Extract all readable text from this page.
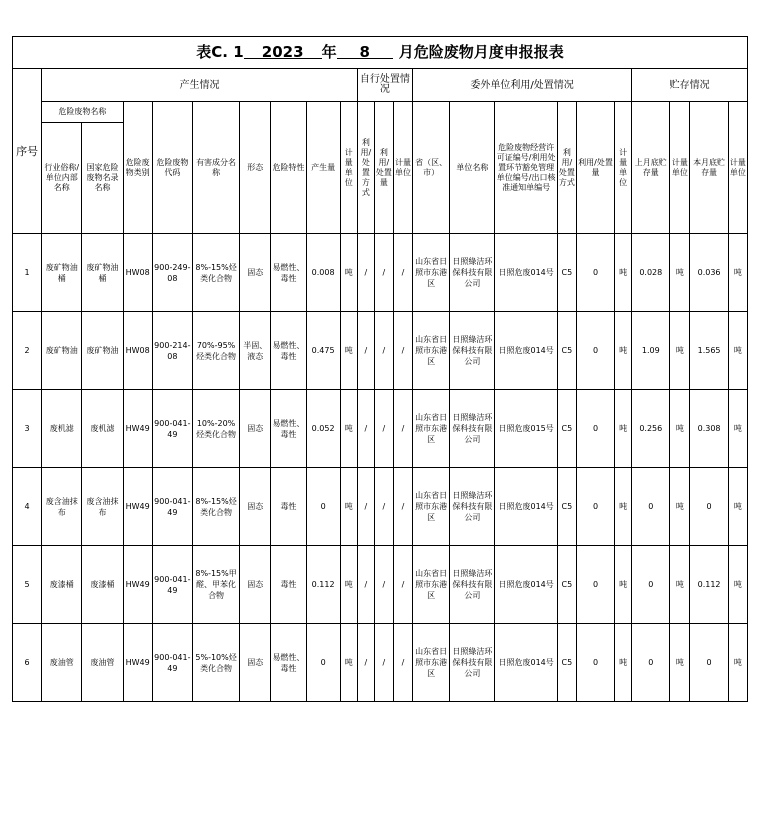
表C. 1 2023 年 8 月危险废物月度申报报表																						
序号	产生情况									自行处置情况			委外单位利用/处置情况						贮存情况			
	危险废物名称		危险废物类别	危险废物代码	有害成分名称	形态	危险特性	产生量	计量单位	利用/处置方式	利用/处置量	计量单位	省（区、市）	单位名称	危险废物经营许可证编号/利用处置环节豁免管理单位编号/出口核准通知单编号	利用/处置方式	利用/处置量	计量单位	上月底贮存量	计量单位	本月底贮存量	计量单位
	行业俗称/单位内部名称	国家危险废物名录名称																				
1	废矿物油桶	废矿物油桶	HW08	900-249-08	8%-15%烃类化合物	固态	易燃性、毒性	0.008	吨	/	/	/	山东省日照市东港区	日照綠洁环保科技有限公司	日照危废014号	C5	0	吨	0.028	吨	0.036	吨
2	废矿物油	废矿物油	HW08	900-214-08	70%-95%烃类化合物	半固、液态	易燃性、毒性	0.475	吨	/	/	/	山东省日照市东港区	日照綠洁环保科技有限公司	日照危废014号	C5	0	吨	1.09	吨	1.565	吨
3	废机滤	废机滤	HW49	900-041-49	10%-20%烃类化合物	固态	易燃性、毒性	0.052	吨	/	/	/	山东省日照市东港区	日照綠洁环保科技有限公司	日照危废015号	C5	0	吨	0.256	吨	0.308	吨
4	废含油抹布	废含油抹布	HW49	900-041-49	8%-15%烃类化合物	固态	毒性	0	吨	/	/	/	山东省日照市东港区	日照綠洁环保科技有限公司	日照危废014号	C5	0	吨	0	吨	0	吨
5	废漆桶	废漆桶	HW49	900-041-49	8%-15%甲醛、甲苯化合物	固态	毒性	0.112	吨	/	/	/	山东省日照市东港区	日照綠洁环保科技有限公司	日照危废014号	C5	0	吨	0	吨	0.112	吨
6	废油管	废油管	HW49	900-041-49	5%-10%烃类化合物	固态	易燃性、毒性	0	吨	/	/	/	山东省日照市东港区	日照綠洁环保科技有限公司	日照危废014号	C5	0	吨	0	吨	0	吨
